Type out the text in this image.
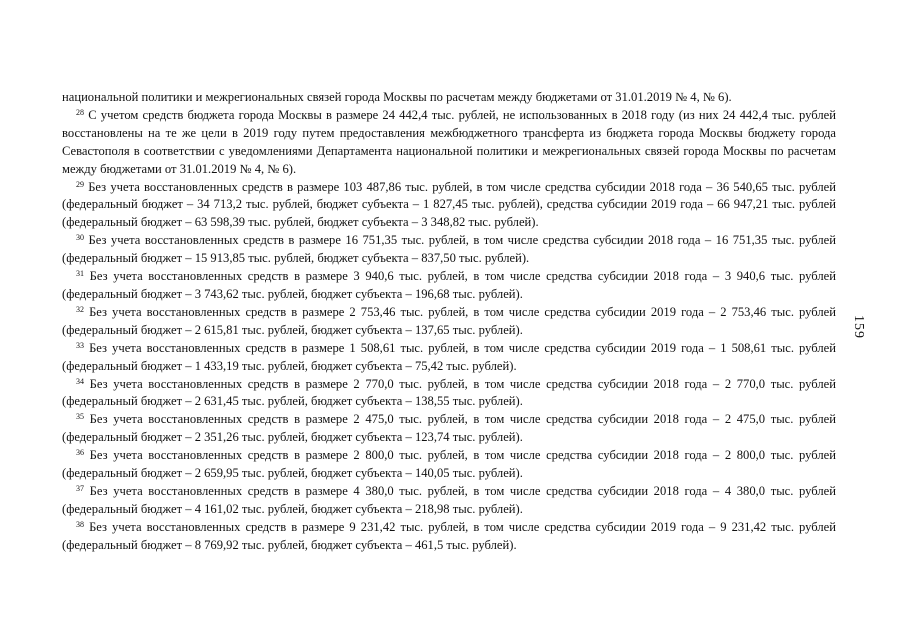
национальной политики и межрегиональных связей города Москвы по расчетам между бюджетами от 31.01.2019 № 4, № 6).

$^{28}$ С учетом средств бюджета города Москвы в размере 24 442,4 тыс. рублей, не использованных в 2018 году (из них 24 442,4 тыс. рублей восстановлены на те же цели в 2019 году путем предоставления межбюджетного трансферта из бюджета города Москвы бюджету города Севастополя в соответствии с уведомлениями Департамента национальной политики и межрегиональных связей города Москвы по расчетам между бюджетами от 31.01.2019 № 4, № 6).

$^{29}$ Без учета восстановленных средств в размере 103 487,86 тыс. рублей, в том числе средства субсидии 2018 года – 36 540,65 тыс. рублей (федеральный бюджет – 34 713,2 тыс. рублей, бюджет субъекта – 1 827,45 тыс. рублей), средства субсидии 2019 года – 66 947,21 тыс. рублей (федеральный бюджет – 63 598,39 тыс. рублей, бюджет субъекта – 3 348,82 тыс. рублей).

$^{30}$ Без учета восстановленных средств в размере 16 751,35 тыс. рублей, в том числе средства субсидии 2018 года – 16 751,35 тыс. рублей (федеральный бюджет – 15 913,85 тыс. рублей, бюджет субъекта – 837,50 тыс. рублей).

$^{31}$ Без учета восстановленных средств в размере 3 940,6 тыс. рублей, в том числе средства субсидии 2018 года – 3 940,6 тыс. рублей (федеральный бюджет – 3 743,62 тыс. рублей, бюджет субъекта – 196,68 тыс. рублей).

$^{32}$ Без учета восстановленных средств в размере 2 753,46 тыс. рублей, в том числе средства субсидии 2019 года – 2 753,46 тыс. рублей (федеральный бюджет – 2 615,81 тыс. рублей, бюджет субъекта – 137,65 тыс. рублей).

$^{33}$ Без учета восстановленных средств в размере 1 508,61 тыс. рублей, в том числе средства субсидии 2019 года – 1 508,61 тыс. рублей (федеральный бюджет – 1 433,19 тыс. рублей, бюджет субъекта – 75,42 тыс. рублей).

$^{34}$ Без учета восстановленных средств в размере 2 770,0 тыс. рублей, в том числе средства субсидии 2018 года – 2 770,0 тыс. рублей (федеральный бюджет – 2 631,45 тыс. рублей, бюджет субъекта – 138,55 тыс. рублей).

$^{35}$ Без учета восстановленных средств в размере 2 475,0 тыс. рублей, в том числе средства субсидии 2018 года – 2 475,0 тыс. рублей (федеральный бюджет – 2 351,26 тыс. рублей, бюджет субъекта – 123,74 тыс. рублей).

$^{36}$ Без учета восстановленных средств в размере 2 800,0 тыс. рублей, в том числе средства субсидии 2018 года – 2 800,0 тыс. рублей (федеральный бюджет – 2 659,95 тыс. рублей, бюджет субъекта – 140,05 тыс. рублей).

$^{37}$ Без учета восстановленных средств в размере 4 380,0 тыс. рублей, в том числе средства субсидии 2018 года – 4 380,0 тыс. рублей (федеральный бюджет – 4 161,02 тыс. рублей, бюджет субъекта – 218,98 тыс. рублей).

$^{38}$ Без учета восстановленных средств в размере 9 231,42 тыс. рублей, в том числе средства субсидии 2019 года – 9 231,42 тыс. рублей (федеральный бюджет – 8 769,92 тыс. рублей, бюджет субъекта – 461,5 тыс. рублей).

159
